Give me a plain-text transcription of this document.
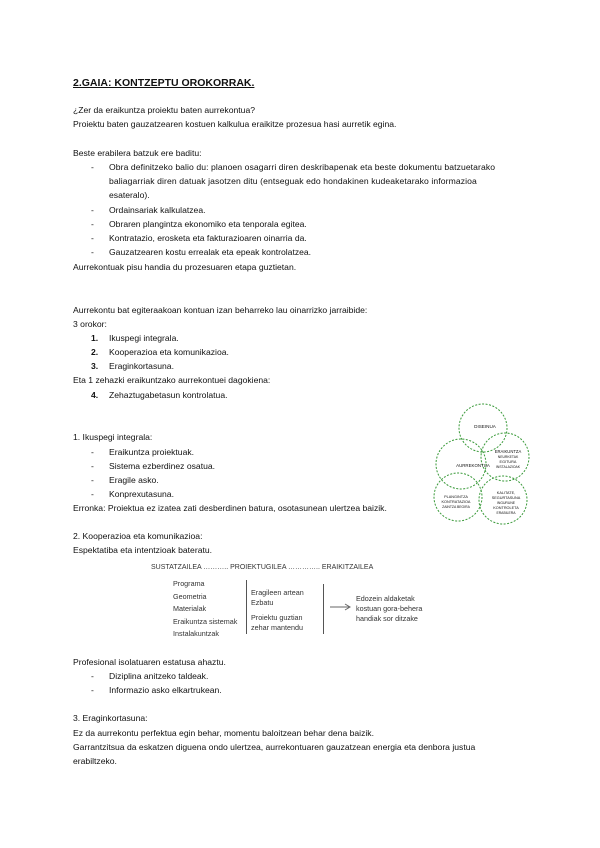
2.GAIA: KONTZEPTU OROKORRAK.
¿Zer da eraikuntza proiektu baten aurrekontua?
Proiektu baten gauzatzearen kostuen kalkulua eraikitze prozesua hasi aurretik egina.
Beste erabilera batzuk ere baditu:
- Obra definitzeko balio du: planoen osagarri diren deskribapenak eta beste dokumentu batzuetarako
baliagarriak diren datuak jasotzen ditu (entseguak edo hondakinen kudeaketarako informazioa
esateralo).
- Ordainsariak kalkulatzea.
- Obraren plangintza ekonomiko eta tenporala egitea.
- Kontratazio, erosketa eta fakturazioaren oinarria da.
- Gauzatzearen kostu errealak eta epeak kontrolatzea.
Aurrekontuak pisu handia du prozesuaren etapa guztietan.
Aurrekontu bat egiteraakoan kontuan izan beharreko lau oinarrizko jarraibide:
3 orokor:
1. Ikuspegi integrala.
2. Kooperazioa eta komunikazioa.
3. Eraginkortasuna.
Eta 1 zehazki eraikuntzako aurrekontuei dagokiena:
4. Zehaztugabetasun kontrolatua.
1. Ikuspegi integrala:
- Eraikuntza proiektuak.
- Sistema ezberdinez osatua.
- Eragile asko.
- Konprexutasuna.
Erronka: Proiektua ez izatea zati desberdinen batura, osotasunean ulertzea baizik.
DISEINUA
ERAIKUNTZA
NEURKETAK
EGITURA
INSTALAZIOAK
AURREKONTUA
PLANGINTZA
KONTRATAZIOA
ZAINTZA BEGIRA
KALITATE,
SEGURTASUNA
INGURUNE
KONTROLETA
ERABILERA
2. Kooperazioa eta komunikazioa:
Espektatiba eta intentzioak bateratu.
SUSTATZAILEA ……….. PROIEKTUGILEA ………….. ERAIKITZAILEA
Programa
Geometria
Materialak
Eraikuntza sistemak
Instalakuntzak
Eragileen artean
Ezbatu
Proiektu guztian
zehar mantendu
Edozein aldaketak
kostuan gora-behera
handiak sor ditzake
Profesional isolatuaren estatusa ahaztu.
- Diziplina anitzeko taldeak.
- Informazio asko elkartrukean.
3. Eraginkortasuna:
Ez da aurrekontu perfektua egin behar, momentu baloitzean behar dena baizik.
Garrantzitsua da eskatzen diguena ondo ulertzea, aurrekontuaren gauzatzean energia eta denbora justua
erabiltzeko.
